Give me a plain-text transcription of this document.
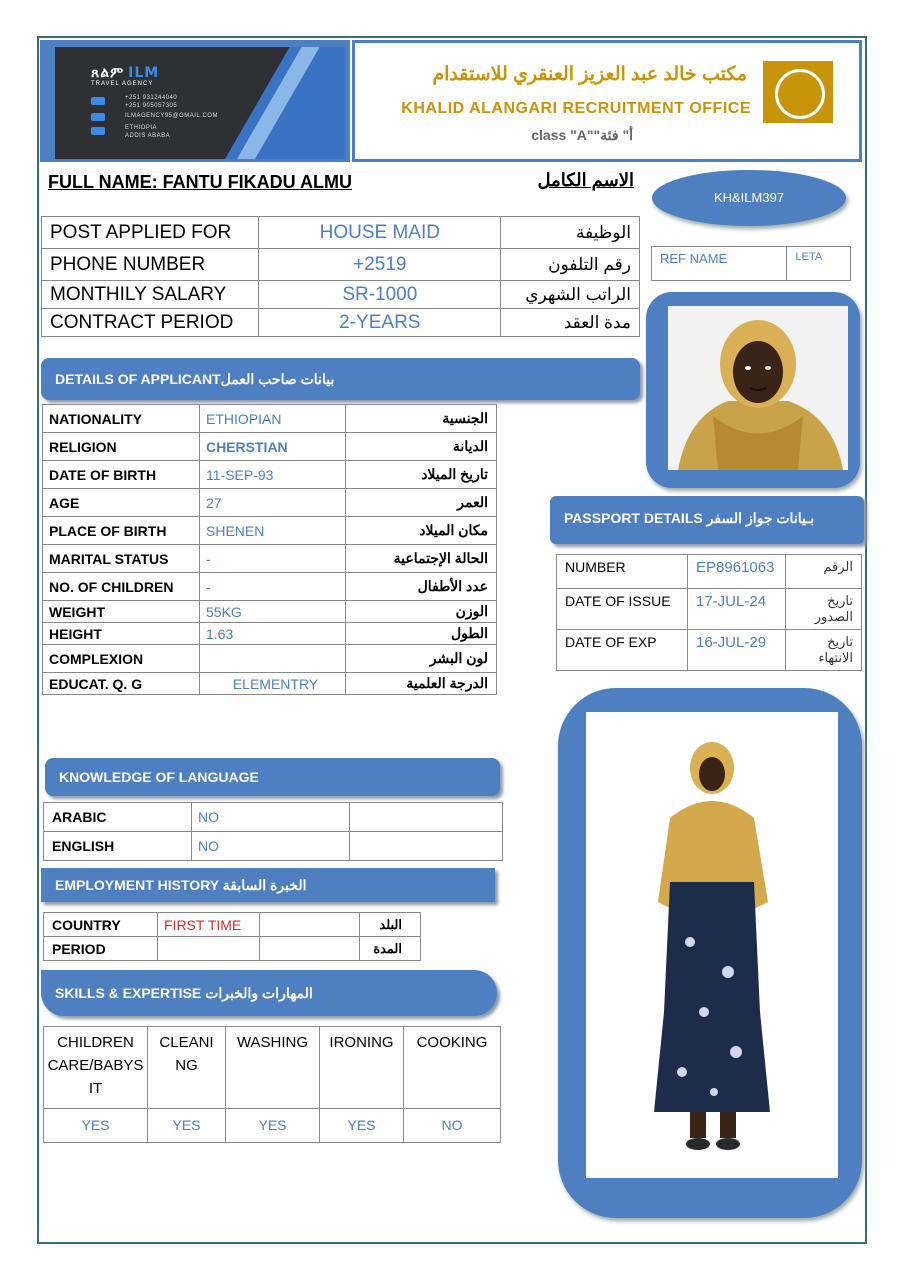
ጸልም ILM
TRAVEL AGENCY
+251 931244040
+251 905057305
ILMAGENCY95@GMAIL.COM
ETHIOPIA
ADDIS ABABA
مكتب خالد عبد العزيز العنقري للاستقدام
KHALID ALANGARI RECRUITMENT OFFICE
class "A""أ" فئة
FULL NAME: FANTU FIKADU ALMU	الاسم الكامل
KH&ILM397
POST APPLIED FOR	HOUSE MAID	الوظيفة
PHONE NUMBER	+2519	رقم التلفون
MONTHILY SALARY	SR-1000	الراتب الشهري
CONTRACT PERIOD	2-YEARS	مدة العقد
REF NAME	LETA
DETAILS OF APPLICANTبيانات صاحب العمل
NATIONALITY	ETHIOPIAN	الجنسية
RELIGION	CHERSTIAN	الديانة
DATE OF BIRTH	11-SEP-93	تاريخ الميلاد
AGE	27	العمر
PLACE OF BIRTH	SHENEN	مكان الميلاد
MARITAL STATUS	-	الحالة الإجتماعية
NO. OF CHILDREN	-	عدد الأطفال
WEIGHT	55KG	الوزن
HEIGHT	1.63	الطول
COMPLEXION		لون البشر
EDUCAT. Q. G	ELEMENTRY	الدرجة العلمية
PASSPORT DETAILS بـيانات جواز السفر
NUMBER	EP8961063	الرقم
DATE OF ISSUE	17-JUL-24	تاريخ الصدور
DATE OF EXP	16-JUL-29	تاريخ الانتهاء
KNOWLEDGE OF LANGUAGE
ARABIC	NO	
ENGLISH	NO	
EMPLOYMENT HISTORY الخبرة السابقة
COUNTRY	FIRST TIME		البلد
PERIOD			المدة
SKILLS & EXPERTISE المهارات والخبرات
CHILDREN CARE/BABYS IT	CLEANI NG	WASHING	IRONING	COOKING
YES	YES	YES	YES	NO
